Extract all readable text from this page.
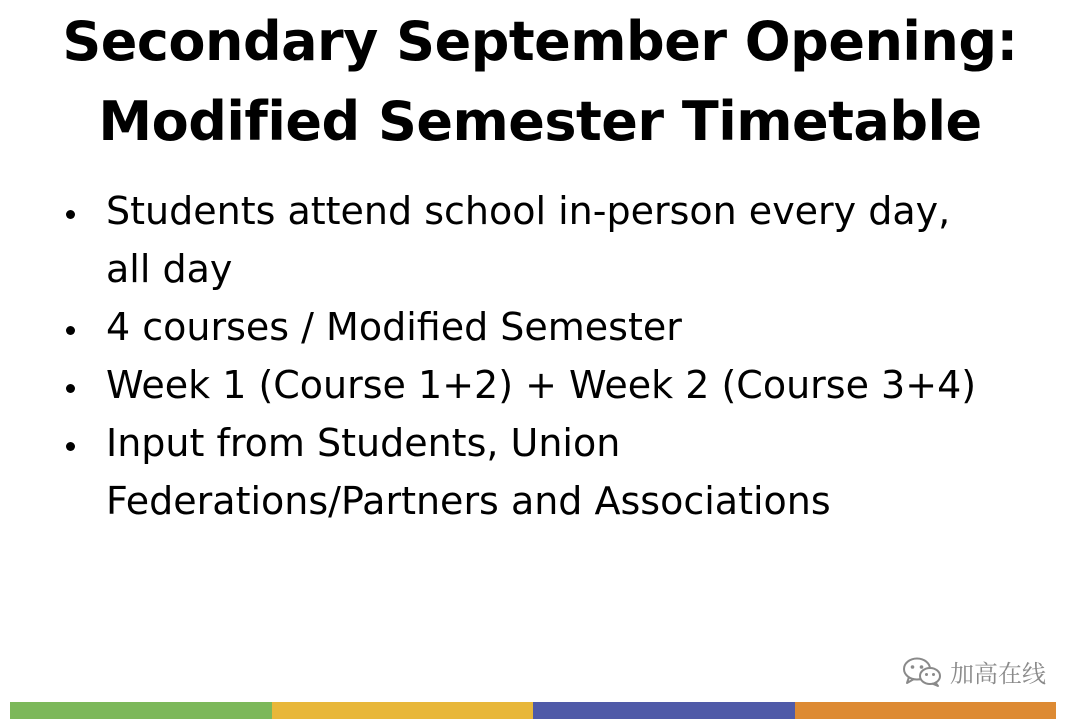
Secondary September Opening:
Modified Semester Timetable
Students attend school in-person every day,
all day
4 courses / Modified Semester
Week 1 (Course 1+2) + Week 2 (Course 3+4)
Input from Students, Union
Federations/Partners and Associations
加高在线
